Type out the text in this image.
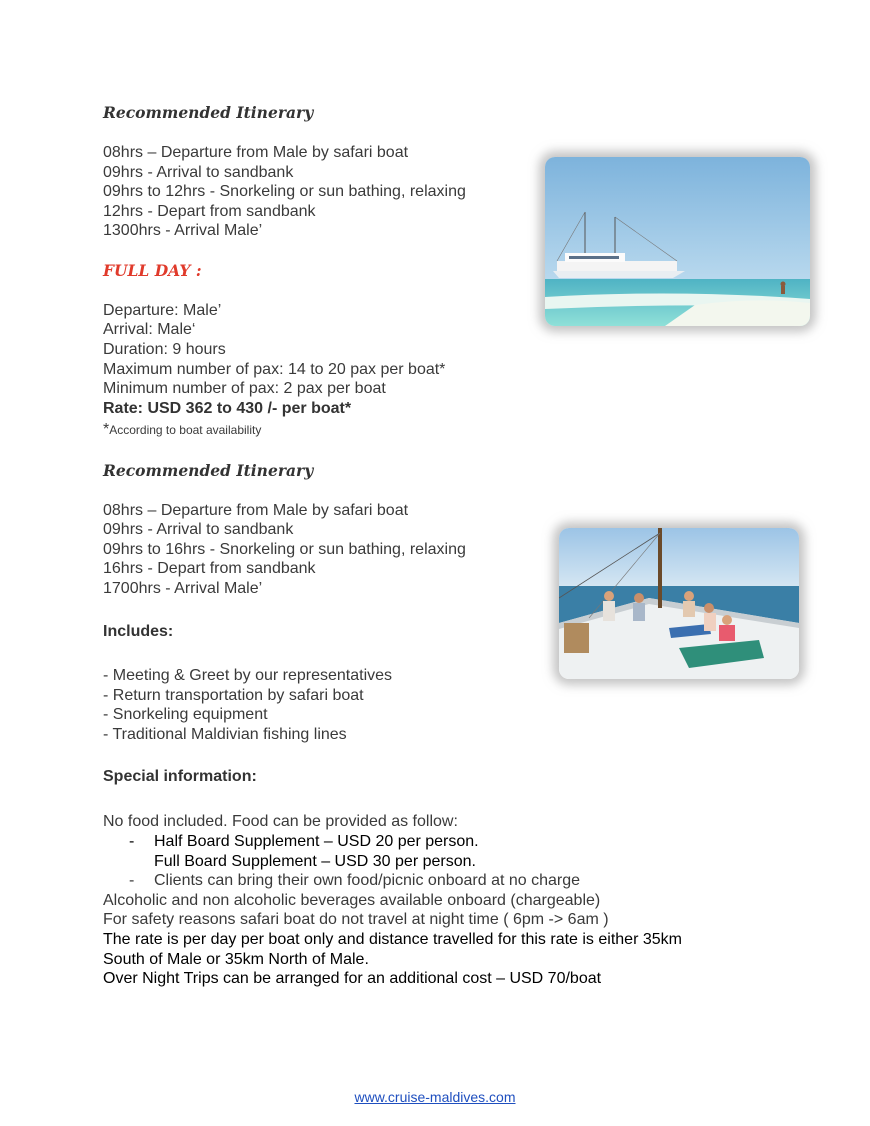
Recommended Itinerary
08hrs – Departure from Male by safari boat
09hrs - Arrival to sandbank
09hrs to 12hrs - Snorkeling or sun bathing, relaxing
12hrs - Depart from sandbank
1300hrs - Arrival Male’
FULL DAY :
Departure: Male’
Arrival: Male‘
Duration: 9 hours
Maximum number of pax: 14 to 20 pax per boat*
Minimum number of pax: 2 pax per boat
Rate: USD 362 to 430 /- per boat*
*According to boat availability
Recommended Itinerary
08hrs – Departure from Male by safari boat
09hrs - Arrival to sandbank
09hrs to 16hrs - Snorkeling or sun bathing, relaxing
16hrs - Depart from sandbank
1700hrs - Arrival Male’
Includes:
- Meeting & Greet by our representatives
- Return transportation by safari boat
- Snorkeling equipment
- Traditional Maldivian fishing lines
Special information:
No food included. Food can be provided as follow:
- Half Board Supplement – USD 20 per person.
Full Board Supplement – USD 30 per person.
- Clients can bring their own food/picnic onboard at no charge
Alcoholic and non alcoholic beverages available onboard (chargeable)
For safety reasons safari boat do not travel at night time ( 6pm -> 6am )
The rate is per day per boat only and distance travelled for this rate is either 35km
South of Male or 35km North of Male.
Over Night Trips can be arranged for an additional cost – USD 70/boat
www.cruise-maldives.com
